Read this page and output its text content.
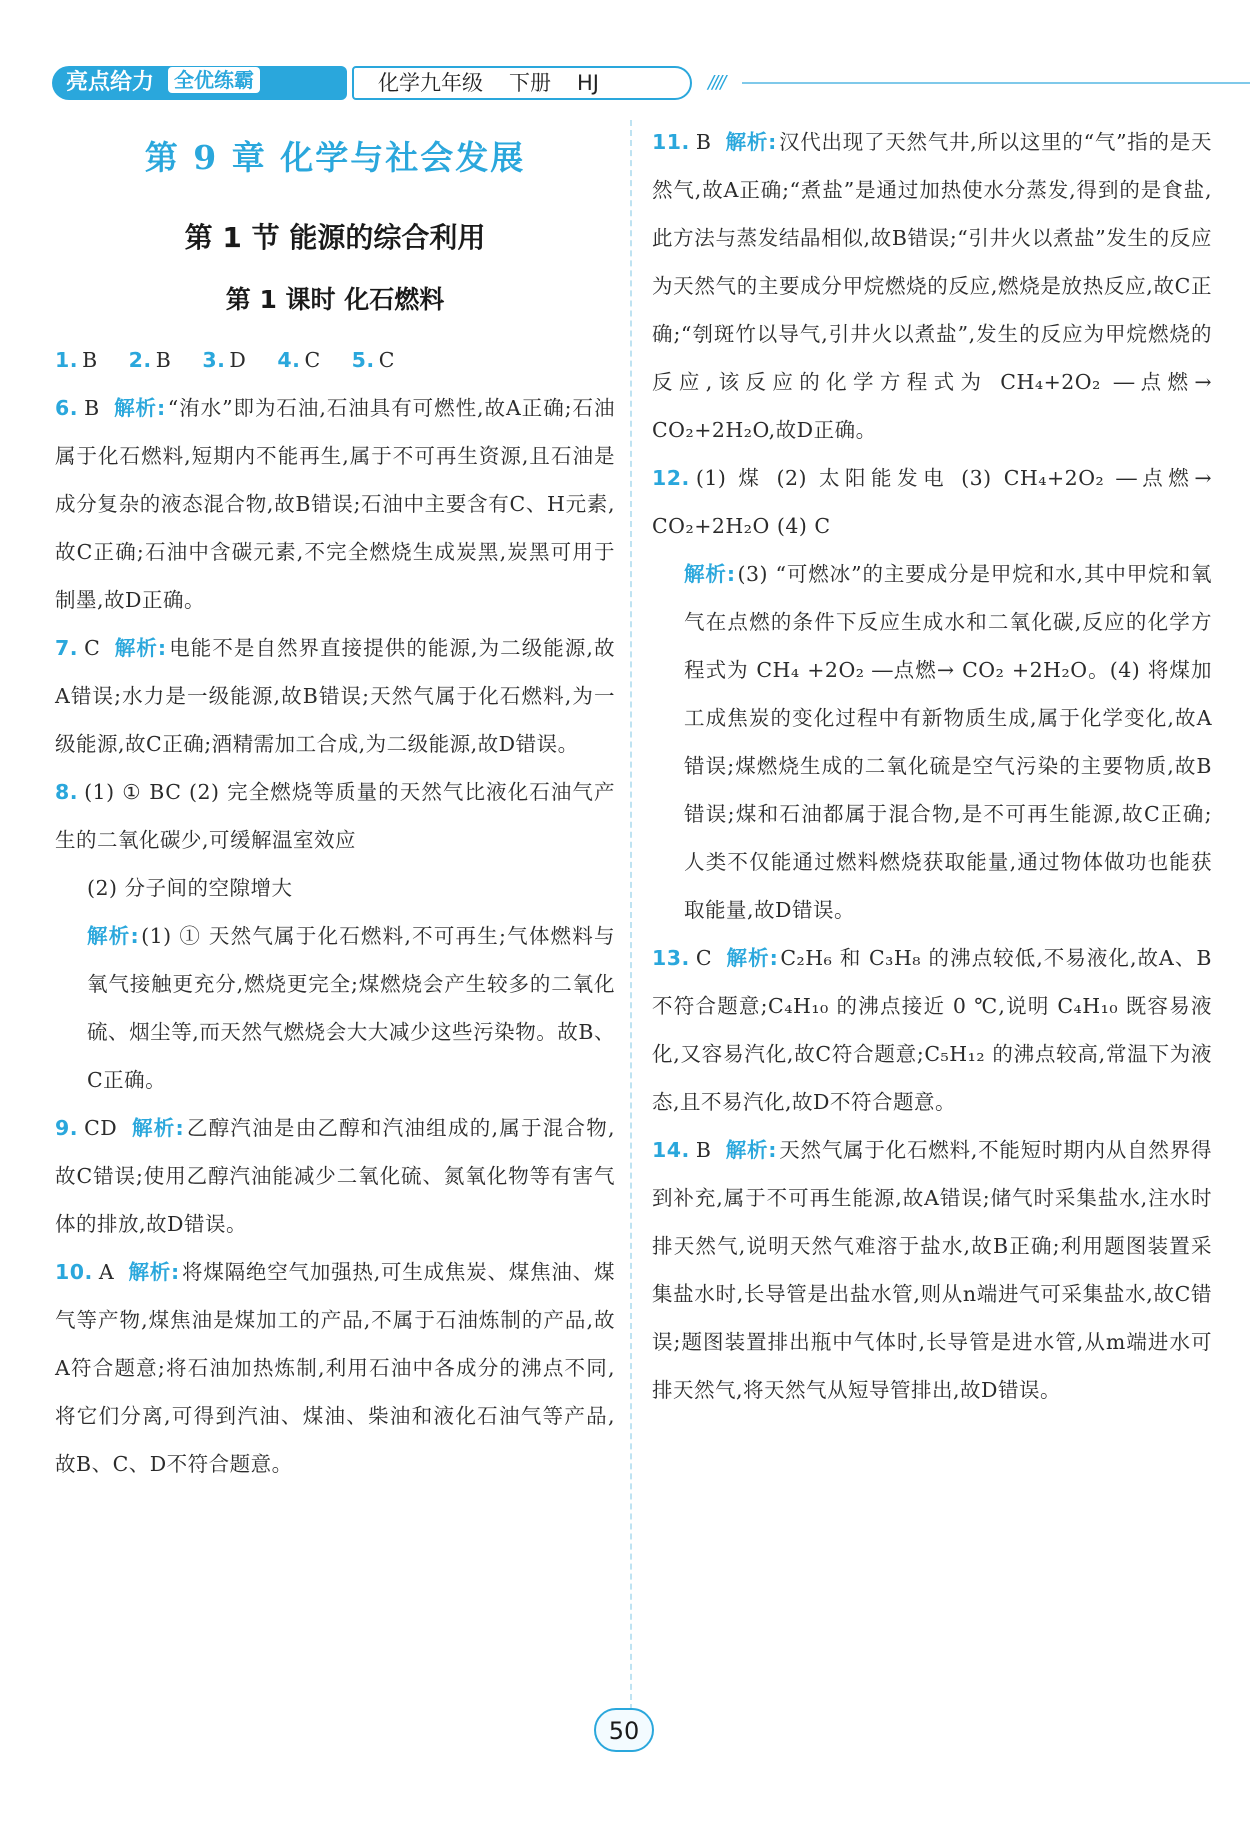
亮点给力 全优练霸	化学九年级 下册 HJ	////
第 9 章 化学与社会发展
第 1 节 能源的综合利用
第 1 课时 化石燃料
1. B 2. B 3. D 4. C 5. C
6. B 解析:“洧水”即为石油,石油具有可燃性,故A正确;石油属于化石燃料,短期内不能再生,属于不可再生资源,且石油是成分复杂的液态混合物,故B错误;石油中主要含有C、H元素,故C正确;石油中含碳元素,不完全燃烧生成炭黑,炭黑可用于制墨,故D正确。
7. C 解析:电能不是自然界直接提供的能源,为二级能源,故A错误;水力是一级能源,故B错误;天然气属于化石燃料,为一级能源,故C正确;酒精需加工合成,为二级能源,故D错误。
8. (1) ① BC (2) 完全燃烧等质量的天然气比液化石油气产生的二氧化碳少,可缓解温室效应
(2) 分子间的空隙增大
解析:(1) ① 天然气属于化石燃料,不可再生;气体燃料与氧气接触更充分,燃烧更完全;煤燃烧会产生较多的二氧化硫、烟尘等,而天然气燃烧会大大减少这些污染物。故B、C正确。
9. CD 解析:乙醇汽油是由乙醇和汽油组成的,属于混合物,故C错误;使用乙醇汽油能减少二氧化硫、氮氧化物等有害气体的排放,故D错误。
10. A 解析:将煤隔绝空气加强热,可生成焦炭、煤焦油、煤气等产物,煤焦油是煤加工的产品,不属于石油炼制的产品,故A符合题意;将石油加热炼制,利用石油中各成分的沸点不同,将它们分离,可得到汽油、煤油、柴油和液化石油气等产品,故B、C、D不符合题意。
11. B 解析:汉代出现了天然气井,所以这里的“气”指的是天然气,故A正确;“煮盐”是通过加热使水分蒸发,得到的是食盐,此方法与蒸发结晶相似,故B错误;“引井火以煮盐”发生的反应为天然气的主要成分甲烷燃烧的反应,燃烧是放热反应,故C正确;“刳斑竹以导气,引井火以煮盐”,发生的反应为甲烷燃烧的反应,该反应的化学方程式为 CH₄+2O₂ ―点燃→ CO₂+2H₂O,故D正确。
12. (1) 煤 (2) 太阳能发电 (3) CH₄+2O₂ ―点燃→ CO₂+2H₂O (4) C
解析:(3) “可燃冰”的主要成分是甲烷和水,其中甲烷和氧气在点燃的条件下反应生成水和二氧化碳,反应的化学方程式为 CH₄ +2O₂ ―点燃→ CO₂ +2H₂O。(4) 将煤加工成焦炭的变化过程中有新物质生成,属于化学变化,故A错误;煤燃烧生成的二氧化硫是空气污染的主要物质,故B错误;煤和石油都属于混合物,是不可再生能源,故C正确;人类不仅能通过燃料燃烧获取能量,通过物体做功也能获取能量,故D错误。
13. C 解析:C₂H₆ 和 C₃H₈ 的沸点较低,不易液化,故A、B不符合题意;C₄H₁₀ 的沸点接近 0 ℃,说明 C₄H₁₀ 既容易液化,又容易汽化,故C符合题意;C₅H₁₂ 的沸点较高,常温下为液态,且不易汽化,故D不符合题意。
14. B 解析:天然气属于化石燃料,不能短时期内从自然界得到补充,属于不可再生能源,故A错误;储气时采集盐水,注水时排天然气,说明天然气难溶于盐水,故B正确;利用题图装置采集盐水时,长导管是出盐水管,则从n端进气可采集盐水,故C错误;题图装置排出瓶中气体时,长导管是进水管,从m端进水可排天然气,将天然气从短导管排出,故D错误。
50
